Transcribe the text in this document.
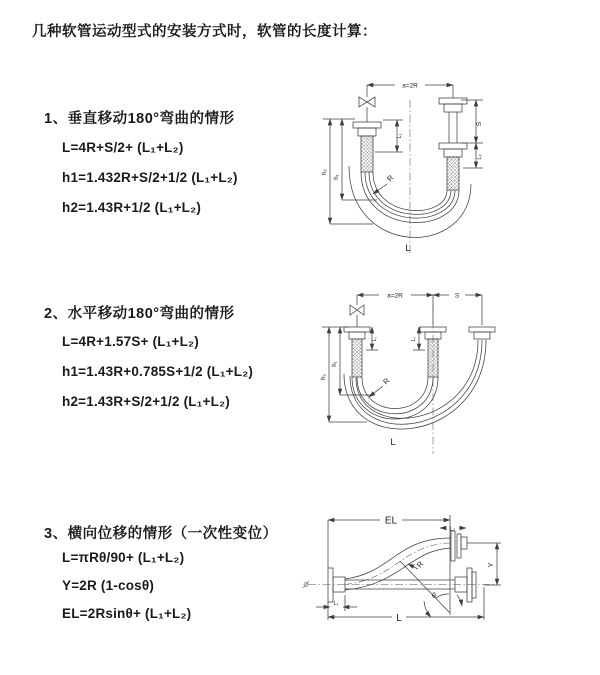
几种软管运动型式的安装方式时，软管的长度计算：
1、垂直移动180°弯曲的情形
L=4R+S/2+ (L₁+L₂)
h1=1.432R+S/2+1/2 (L₁+L₂)
h2=1.43R+1/2 (L₁+L₂)
2、水平移动180°弯曲的情形
L=4R+1.57S+ (L₁+L₂)
h1=1.43R+0.785S+1/2 (L₁+L₂)
h2=1.43R+S/2+1/2 (L₁+L₂)
3、横向位移的情形（一次性变位）
L=πRθ/90+ (L₁+L₂)
Y=2R (1-cosθ)
EL=2Rsinθ+ (L₁+L₂)
a=2R
L₁
S
L₂
h₁
h₂
R
L
a=2R	S
L₁	L₂
h₁
h₂	R
L
EL
L₂
Y
R
θ
L
L₁
